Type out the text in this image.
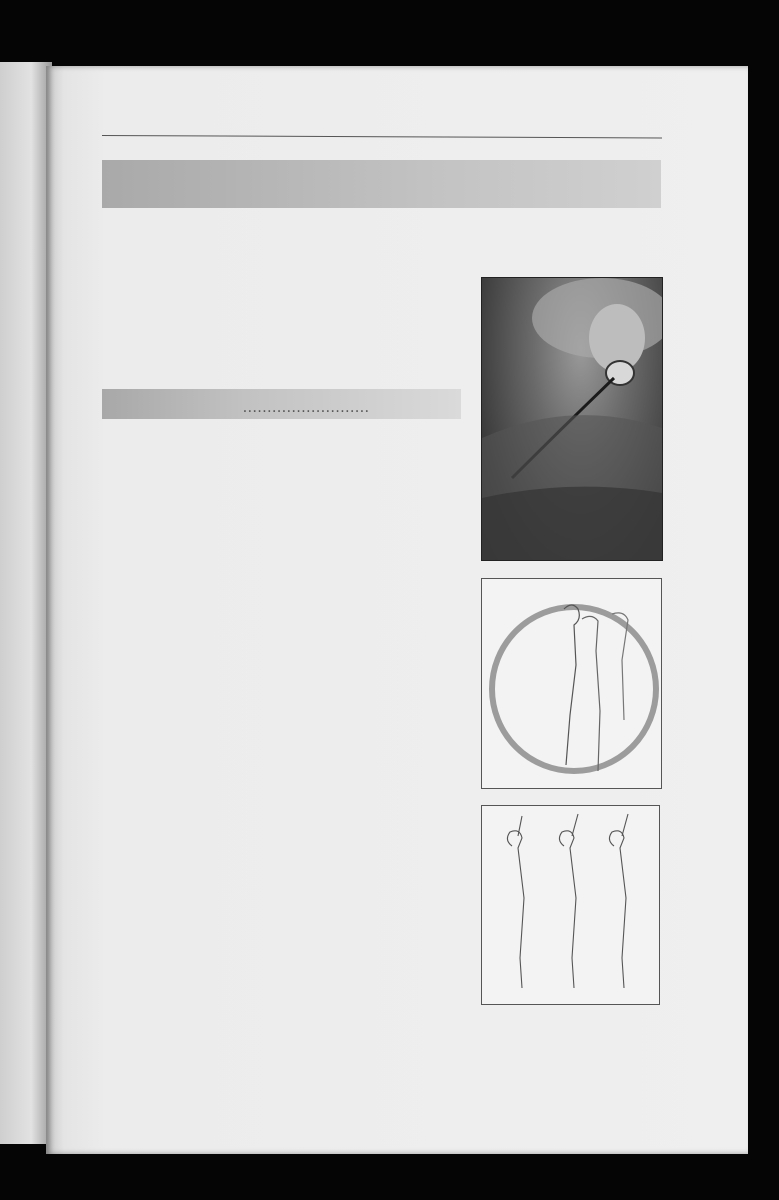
..........................
